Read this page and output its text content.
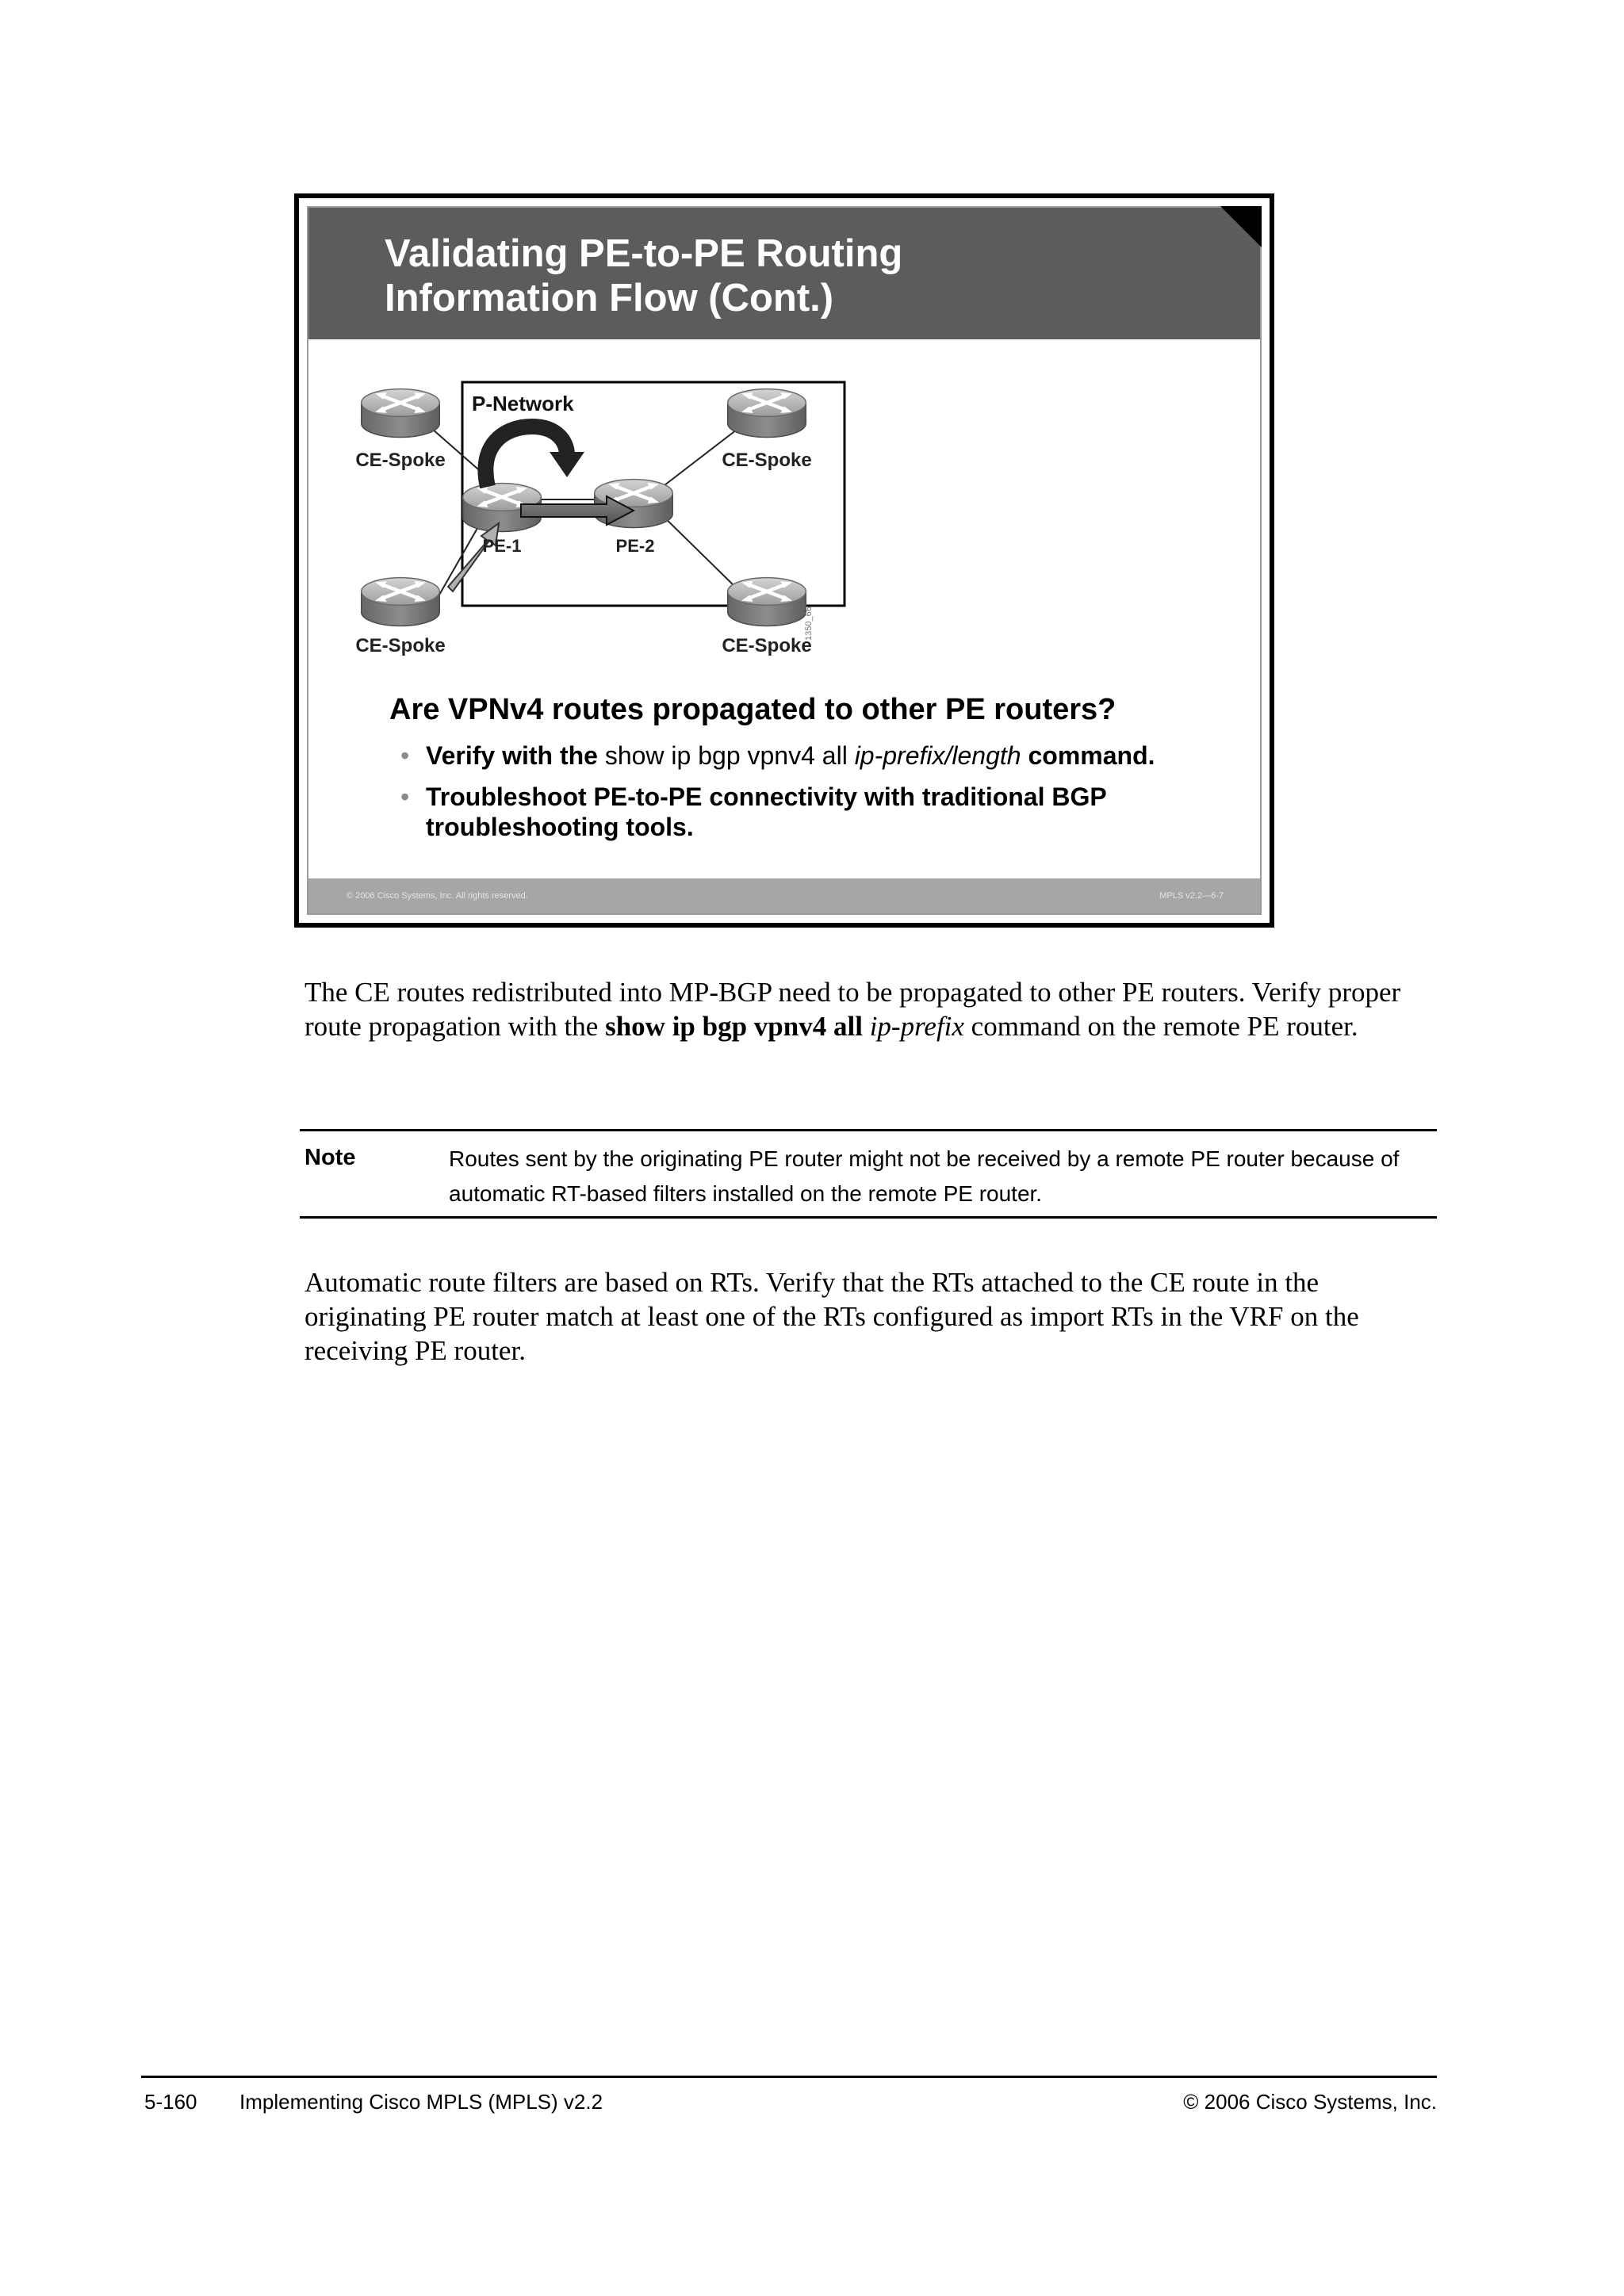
Validating PE-to-PE Routing
Information Flow (Cont.)
P-Network
CE-Spoke
CE-Spoke
CE-Spoke
CE-Spoke
PE-1	PE-2
1350_66
Are VPNv4 routes propagated to other PE routers?
• Verify with the show ip bgp vpnv4 all ip-prefix/length command.
• Troubleshoot PE-to-PE connectivity with traditional BGP troubleshooting tools.
© 2006 Cisco Systems, Inc. All rights reserved.	MPLS v2.2—6-7

The CE routes redistributed into MP-BGP need to be propagated to other PE routers. Verify proper route propagation with the show ip bgp vpnv4 all ip-prefix command on the remote PE router.

Note	Routes sent by the originating PE router might not be received by a remote PE router because of automatic RT-based filters installed on the remote PE router.

Automatic route filters are based on RTs. Verify that the RTs attached to the CE route in the originating PE router match at least one of the RTs configured as import RTs in the VRF on the receiving PE router.

5-160 Implementing Cisco MPLS (MPLS) v2.2	© 2006 Cisco Systems, Inc.
